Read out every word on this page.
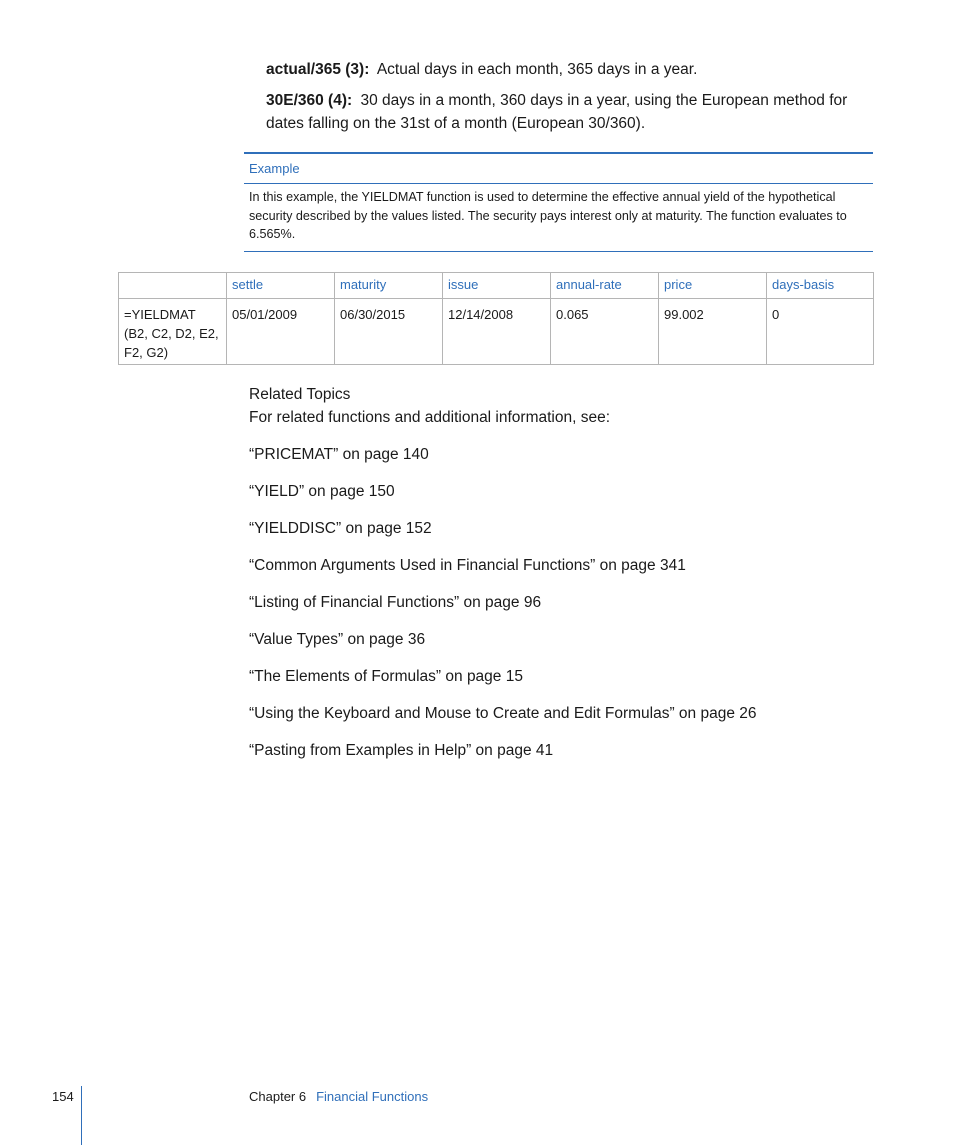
actual/365 (3): Actual days in each month, 365 days in a year.

30E/360 (4): 30 days in a month, 360 days in a year, using the European method for dates falling on the 31st of a month (European 30/360).

Example
In this example, the YIELDMAT function is used to determine the effective annual yield of the hypothetical security described by the values listed. The security pays interest only at maturity. The function evaluates to 6.565%.
	settle	maturity	issue	annual-rate	price	days-basis
=YIELDMAT (B2, C2, D2, E2, F2, G2)	05/01/2009	06/30/2015	12/14/2008	0.065	99.002	0
Related Topics
For related functions and additional information, see:
“PRICEMAT” on page 140
“YIELD” on page 150
“YIELDDISC” on page 152
“Common Arguments Used in Financial Functions” on page 341
“Listing of Financial Functions” on page 96
“Value Types” on page 36
“The Elements of Formulas” on page 15
“Using the Keyboard and Mouse to Create and Edit Formulas” on page 26
“Pasting from Examples in Help” on page 41
154	Chapter 6 Financial Functions
